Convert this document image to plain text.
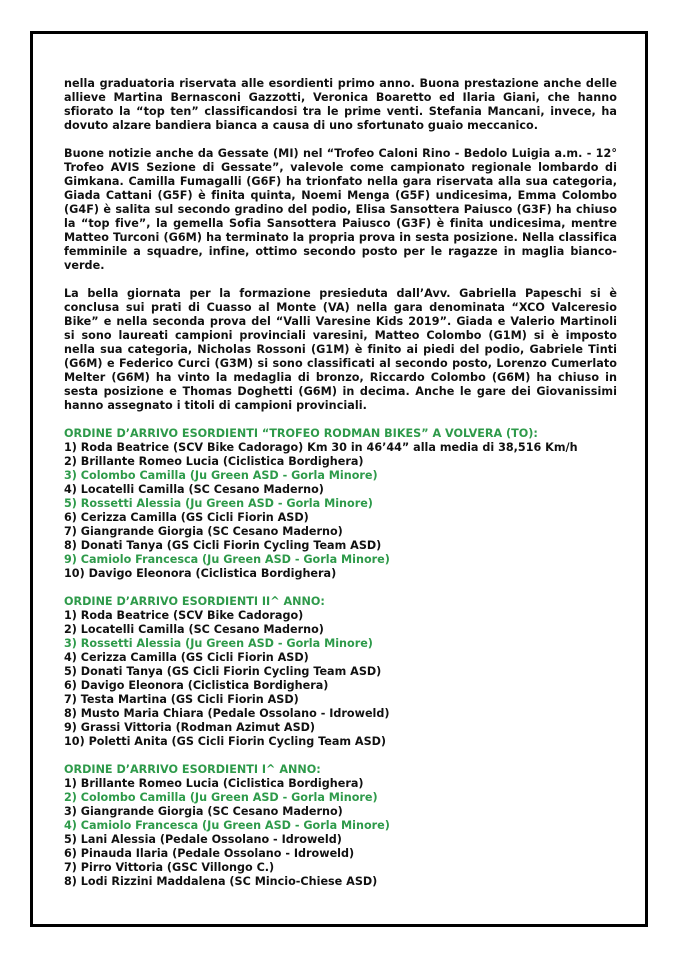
nella graduatoria riservata alle esordienti primo anno. Buona prestazione anche delle allieve Martina Bernasconi Gazzotti, Veronica Boaretto ed Ilaria Giani, che hanno sfiorato la “top ten” classificandosi tra le prime venti. Stefania Mancani, invece, ha dovuto alzare bandiera bianca a causa di uno sfortunato guaio meccanico.

Buone notizie anche da Gessate (MI) nel “Trofeo Caloni Rino - Bedolo Luigia a.m. - 12° Trofeo AVIS Sezione di Gessate”, valevole come campionato regionale lombardo di Gimkana. Camilla Fumagalli (G6F) ha trionfato nella gara riservata alla sua categoria, Giada Cattani (G5F) è finita quinta, Noemi Menga (G5F) undicesima, Emma Colombo (G4F) è salita sul secondo gradino del podio, Elisa Sansottera Paiusco (G3F) ha chiuso la “top five”, la gemella Sofia Sansottera Paiusco (G3F) è finita undicesima, mentre Matteo Turconi (G6M) ha terminato la propria prova in sesta posizione. Nella classifica femminile a squadre, infine, ottimo secondo posto per le ragazze in maglia bianco-verde.

La bella giornata per la formazione presieduta dall’Avv. Gabriella Papeschi si è conclusa sui prati di Cuasso al Monte (VA) nella gara denominata “XCO Valceresio Bike” e nella seconda prova del “Valli Varesine Kids 2019”. Giada e Valerio Martinoli si sono laureati campioni provinciali varesini, Matteo Colombo (G1M) si è imposto nella sua categoria, Nicholas Rossoni (G1M) è finito ai piedi del podio, Gabriele Tinti (G6M) e Federico Curci (G3M) si sono classificati al secondo posto, Lorenzo Cumerlato Melter (G6M) ha vinto la medaglia di bronzo, Riccardo Colombo (G6M) ha chiuso in sesta posizione e Thomas Doghetti (G6M) in decima. Anche le gare dei Giovanissimi hanno assegnato i titoli di campioni provinciali.

ORDINE D’ARRIVO ESORDIENTI “TROFEO RODMAN BIKES” A VOLVERA (TO):

1) Roda Beatrice (SCV Bike Cadorago) Km 30 in 46’44” alla media di 38,516 Km/h

2) Brillante Romeo Lucia (Ciclistica Bordighera)

3) Colombo Camilla (Ju Green ASD - Gorla Minore)

4) Locatelli Camilla (SC Cesano Maderno)

5) Rossetti Alessia (Ju Green ASD - Gorla Minore)

6) Cerizza Camilla (GS Cicli Fiorin ASD)

7) Giangrande Giorgia (SC Cesano Maderno)

8) Donati Tanya (GS Cicli Fiorin Cycling Team ASD)

9) Camiolo Francesca (Ju Green ASD - Gorla Minore)

10) Davigo Eleonora (Ciclistica Bordighera)

ORDINE D’ARRIVO ESORDIENTI II^ ANNO:

1) Roda Beatrice (SCV Bike Cadorago)

2) Locatelli Camilla (SC Cesano Maderno)

3) Rossetti Alessia (Ju Green ASD - Gorla Minore)

4) Cerizza Camilla (GS Cicli Fiorin ASD)

5) Donati Tanya (GS Cicli Fiorin Cycling Team ASD)

6) Davigo Eleonora (Ciclistica Bordighera)

7) Testa Martina (GS Cicli Fiorin ASD)

8) Musto Maria Chiara (Pedale Ossolano - Idroweld)

9) Grassi Vittoria (Rodman Azimut ASD)

10) Poletti Anita (GS Cicli Fiorin Cycling Team ASD)

ORDINE D’ARRIVO ESORDIENTI I^ ANNO:

1) Brillante Romeo Lucia (Ciclistica Bordighera)

2) Colombo Camilla (Ju Green ASD - Gorla Minore)

3) Giangrande Giorgia (SC Cesano Maderno)

4) Camiolo Francesca (Ju Green ASD - Gorla Minore)

5) Lani Alessia (Pedale Ossolano - Idroweld)

6) Pinauda Ilaria (Pedale Ossolano - Idroweld)

7) Pirro Vittoria (GSC Villongo C.)

8) Lodi Rizzini Maddalena (SC Mincio-Chiese ASD)
